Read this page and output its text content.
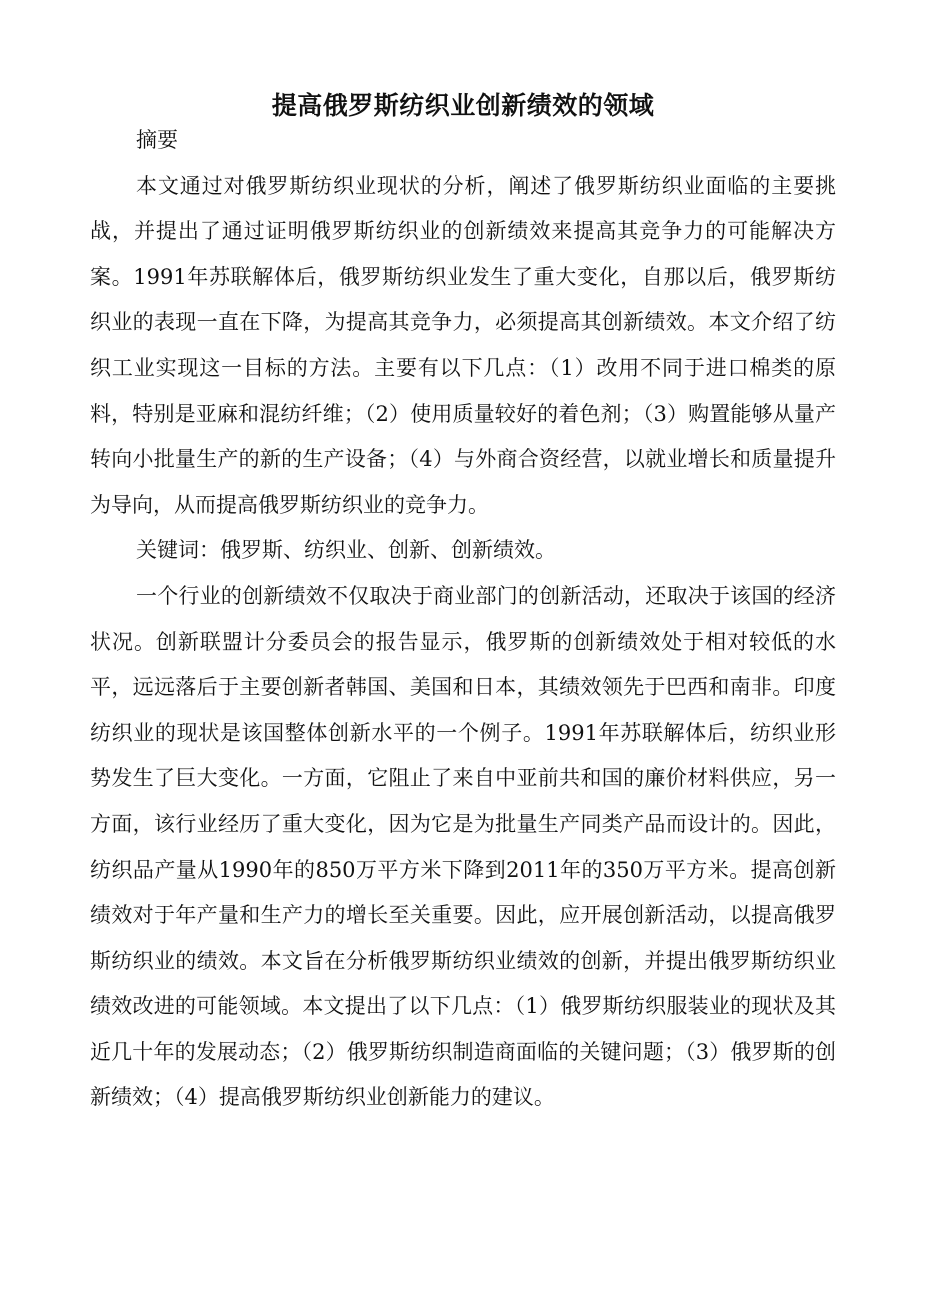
提高俄罗斯纺织业创新绩效的领域

摘要

本文通过对俄罗斯纺织业现状的分析，阐述了俄罗斯纺织业面临的主要挑战，并提出了通过证明俄罗斯纺织业的创新绩效来提高其竞争力的可能解决方案。1991年苏联解体后，俄罗斯纺织业发生了重大变化，自那以后，俄罗斯纺织业的表现一直在下降，为提高其竞争力，必须提高其创新绩效。本文介绍了纺织工业实现这一目标的方法。主要有以下几点：（1）改用不同于进口棉类的原料，特别是亚麻和混纺纤维；（2）使用质量较好的着色剂；（3）购置能够从量产转向小批量生产的新的生产设备；（4）与外商合资经营，以就业增长和质量提升为导向，从而提高俄罗斯纺织业的竞争力。

关键词：俄罗斯、纺织业、创新、创新绩效。

一个行业的创新绩效不仅取决于商业部门的创新活动，还取决于该国的经济状况。创新联盟计分委员会的报告显示，俄罗斯的创新绩效处于相对较低的水平，远远落后于主要创新者韩国、美国和日本，其绩效领先于巴西和南非。印度纺织业的现状是该国整体创新水平的一个例子。1991年苏联解体后，纺织业形势发生了巨大变化。一方面，它阻止了来自中亚前共和国的廉价材料供应，另一方面，该行业经历了重大变化，因为它是为批量生产同类产品而设计的。因此，纺织品产量从1990年的850万平方米下降到2011年的350万平方米。提高创新绩效对于年产量和生产力的增长至关重要。因此，应开展创新活动，以提高俄罗斯纺织业的绩效。本文旨在分析俄罗斯纺织业绩效的创新，并提出俄罗斯纺织业绩效改进的可能领域。本文提出了以下几点：（1）俄罗斯纺织服装业的现状及其近几十年的发展动态；（2）俄罗斯纺织制造商面临的关键问题；（3）俄罗斯的创新绩效；（4）提高俄罗斯纺织业创新能力的建议。
